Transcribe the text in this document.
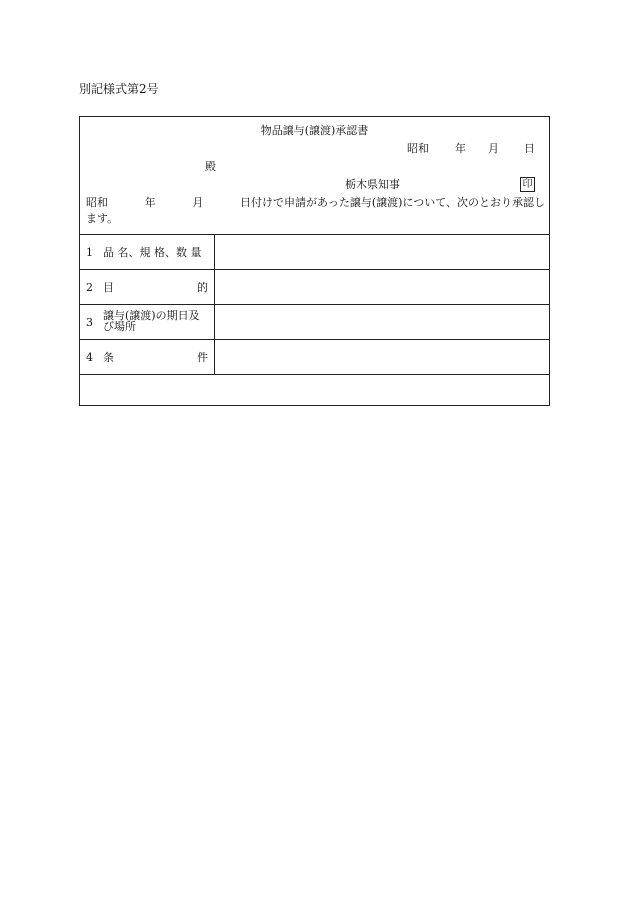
別記様式第2号
物品譲与(譲渡)承認書
昭和 年 月 日
殿
栃木県知事	印
昭和	年	月	日付けで申請があった譲与(譲渡)について、次のとおり承認し
ます。
1 品 名、規 格、数 量
2 目	的
3
譲与(譲渡)の期日及
び場所
4 条	件
